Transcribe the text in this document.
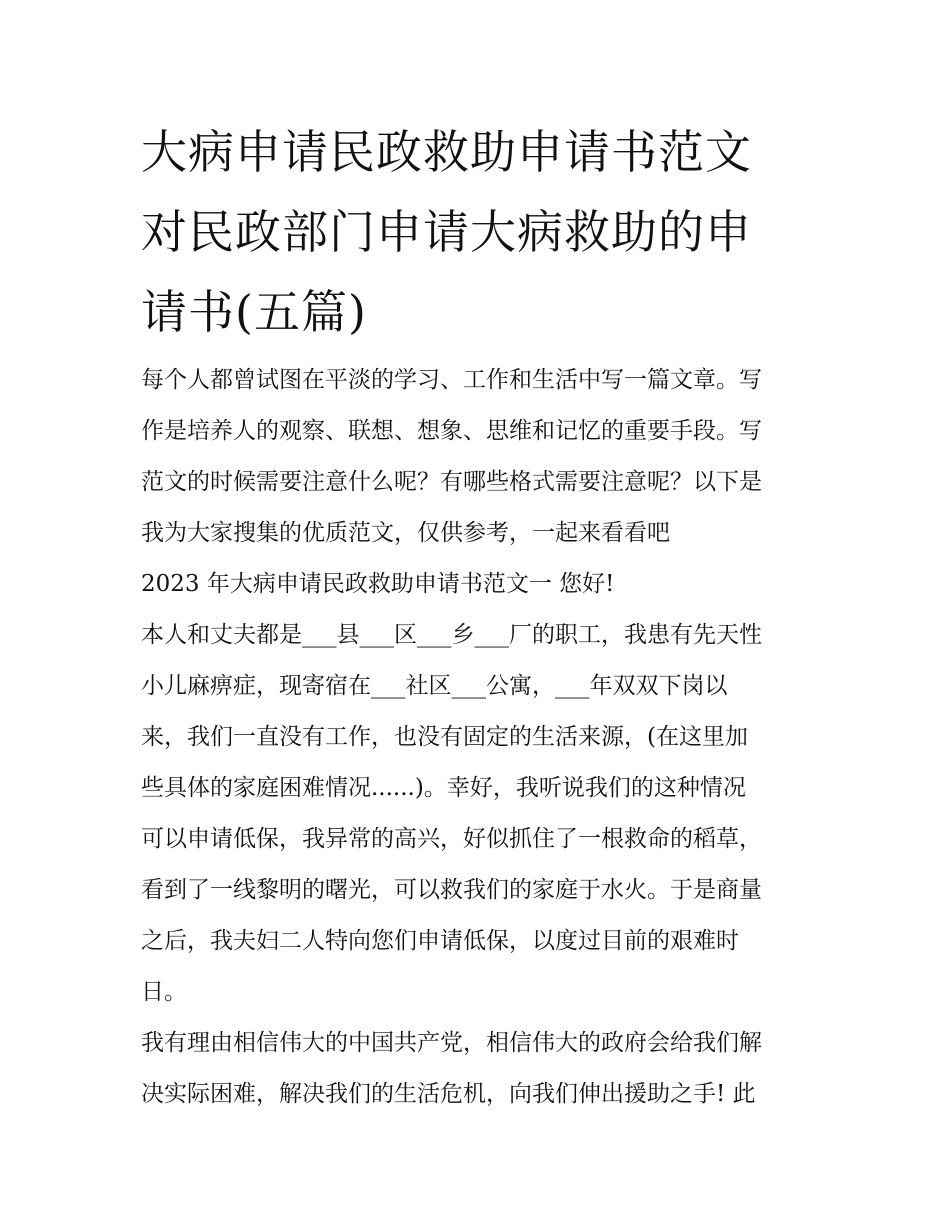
大病申请民政救助申请书范文
对民政部门申请大病救助的申
请书(五篇)
每个人都曾试图在平淡的学习、工作和生活中写一篇文章。写
作是培养人的观察、联想、想象、思维和记忆的重要手段。写
范文的时候需要注意什么呢？有哪些格式需要注意呢？以下是
我为大家搜集的优质范文，仅供参考，一起来看看吧
2023 年大病申请民政救助申请书范文一 您好!
本人和丈夫都是___县___区___乡___厂的职工，我患有先天性
小儿麻痹症，现寄宿在___社区___公寓，___年双双下岗以
来，我们一直没有工作，也没有固定的生活来源，(在这里加
些具体的家庭困难情况......)。幸好，我听说我们的这种情况
可以申请低保，我异常的高兴，好似抓住了一根救命的稻草，
看到了一线黎明的曙光，可以救我们的家庭于水火。于是商量
之后，我夫妇二人特向您们申请低保，以度过目前的艰难时
日。
我有理由相信伟大的中国共产党，相信伟大的政府会给我们解
决实际困难，解决我们的生活危机，向我们伸出援助之手! 此
